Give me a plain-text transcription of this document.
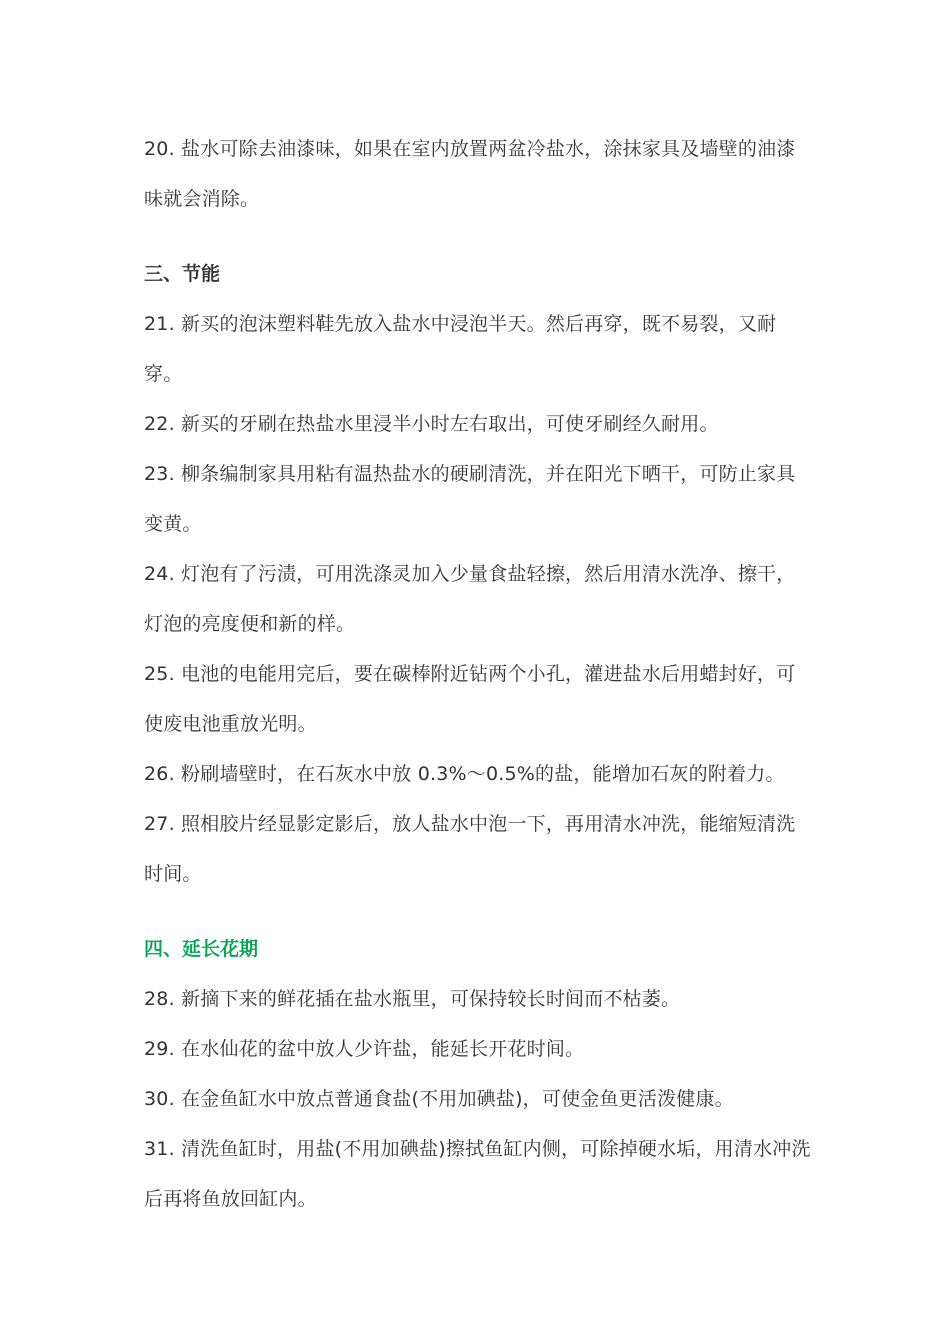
20. 盐水可除去油漆味，如果在室内放置两盆冷盐水，涂抹家具及墙壁的油漆味就会消除。

三、节能

21. 新买的泡沫塑料鞋先放入盐水中浸泡半天。然后再穿，既不易裂，又耐穿。

22. 新买的牙刷在热盐水里浸半小时左右取出，可使牙刷经久耐用。

23. 柳条编制家具用粘有温热盐水的硬刷清洗，并在阳光下晒干，可防止家具变黄。

24. 灯泡有了污渍，可用洗涤灵加入少量食盐轻擦，然后用清水洗净、擦干，灯泡的亮度便和新的样。

25. 电池的电能用完后，要在碳棒附近钻两个小孔，灌进盐水后用蜡封好，可使废电池重放光明。

26. 粉刷墙壁时，在石灰水中放 0.3%～0.5%的盐，能增加石灰的附着力。

27. 照相胶片经显影定影后，放人盐水中泡一下，再用清水冲洗，能缩短清洗时间。

四、延长花期

28. 新摘下来的鲜花插在盐水瓶里，可保持较长时间而不枯萎。

29. 在水仙花的盆中放人少许盐，能延长开花时间。

30. 在金鱼缸水中放点普通食盐(不用加碘盐)，可使金鱼更活泼健康。

31. 清洗鱼缸时，用盐(不用加碘盐)擦拭鱼缸内侧，可除掉硬水垢，用清水冲洗后再将鱼放回缸内。
